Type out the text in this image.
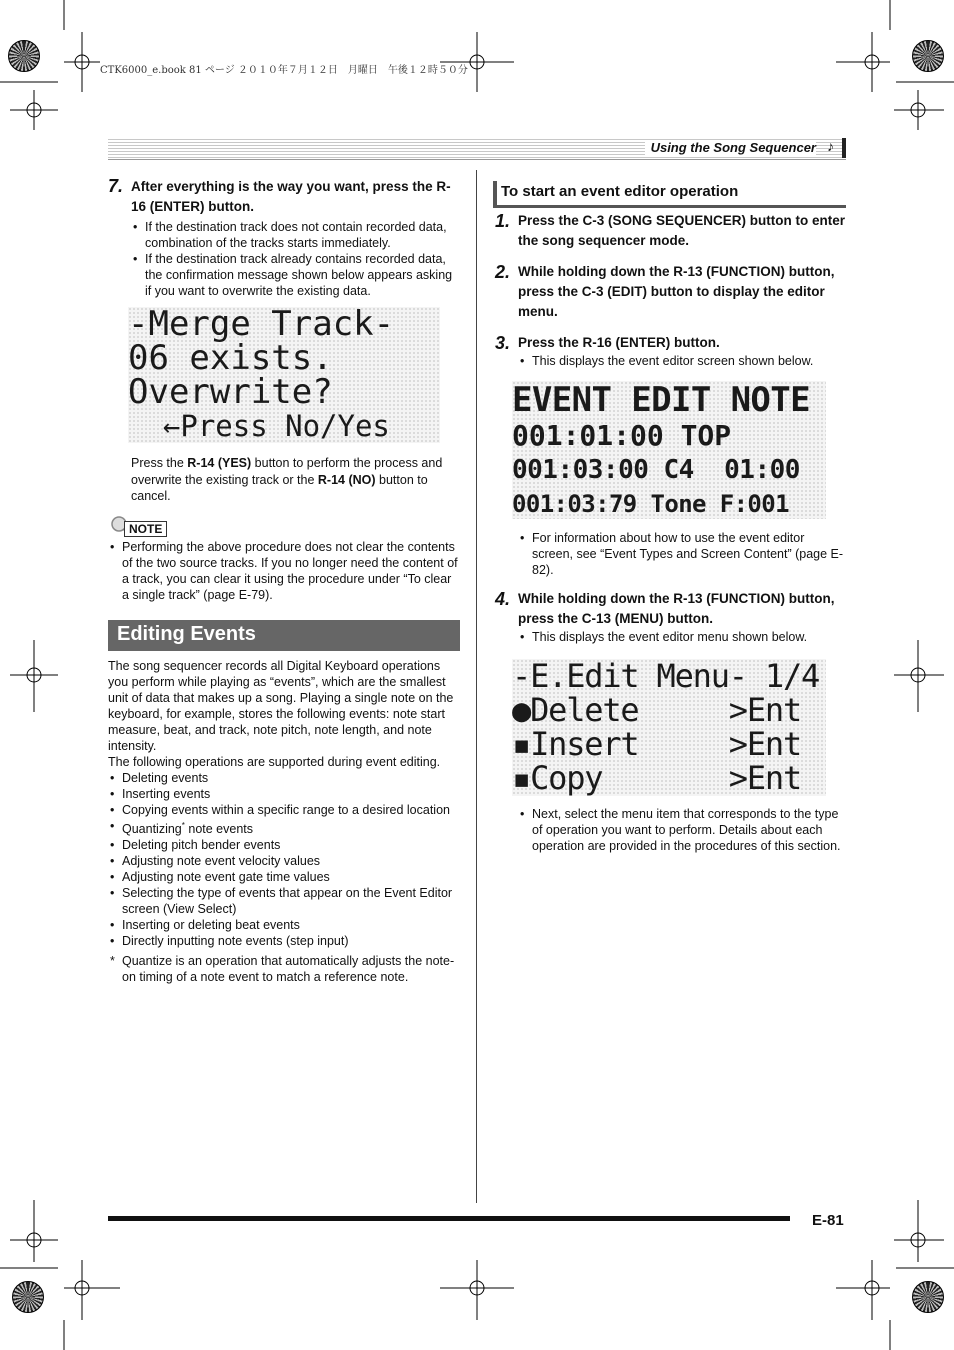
CTK6000_e.book 81 ページ ２０１０年７月１２日　月曜日　午後１２時５０分
Using the Song Sequencer ♪
7. After everything is the way you want, press the R-16 (ENTER) button.
• If the destination track does not contain recorded data, combination of the tracks starts immediately.
• If the destination track already contains recorded data, the confirmation message shown below appears asking if you want to overwrite the existing data.
-Merge Track-
06 exists.
Overwrite?
←Press No/Yes
Press the R-14 (YES) button to perform the process and overwrite the existing track or the R-14 (NO) button to cancel.
NOTE
• Performing the above procedure does not clear the contents of the two source tracks. If you no longer need the content of a track, you can clear it using the procedure under “To clear a single track” (page E-79).
Editing Events
The song sequencer records all Digital Keyboard operations you perform while playing as “events”, which are the smallest unit of data that makes up a song. Playing a single note on the keyboard, for example, stores the following events: note start measure, beat, and track, note pitch, note length, and note intensity.
The following operations are supported during event editing.
• Deleting events
• Inserting events
• Copying events within a specific range to a desired location
• Quantizing* note events
• Deleting pitch bender events
• Adjusting note event velocity values
• Adjusting note event gate time values
• Selecting the type of events that appear on the Event Editor screen (View Select)
• Inserting or deleting beat events
• Directly inputting note events (step input)
* Quantize is an operation that automatically adjusts the note-on timing of a note event to match a reference note.
To start an event editor operation
1. Press the C-3 (SONG SEQUENCER) button to enter the song sequencer mode.
2. While holding down the R-13 (FUNCTION) button, press the C-3 (EDIT) button to display the editor menu.
3. Press the R-16 (ENTER) button.
• This displays the event editor screen shown below.
EVENT EDIT NOTE
001:01:00 TOP
001:03:00 C4  01:00
001:03:79 Tone F:001
• For information about how to use the event editor screen, see “Event Types and Screen Content” (page E-82).
4. While holding down the R-13 (FUNCTION) button, press the C-13 (MENU) button.
• This displays the event editor menu shown below.
-E.Edit Menu- 1/4
●Delete     >Ent
▪Insert     >Ent
▪Copy       >Ent
• Next, select the menu item that corresponds to the type of operation you want to perform. Details about each operation are provided in the procedures of this section.
E-81
